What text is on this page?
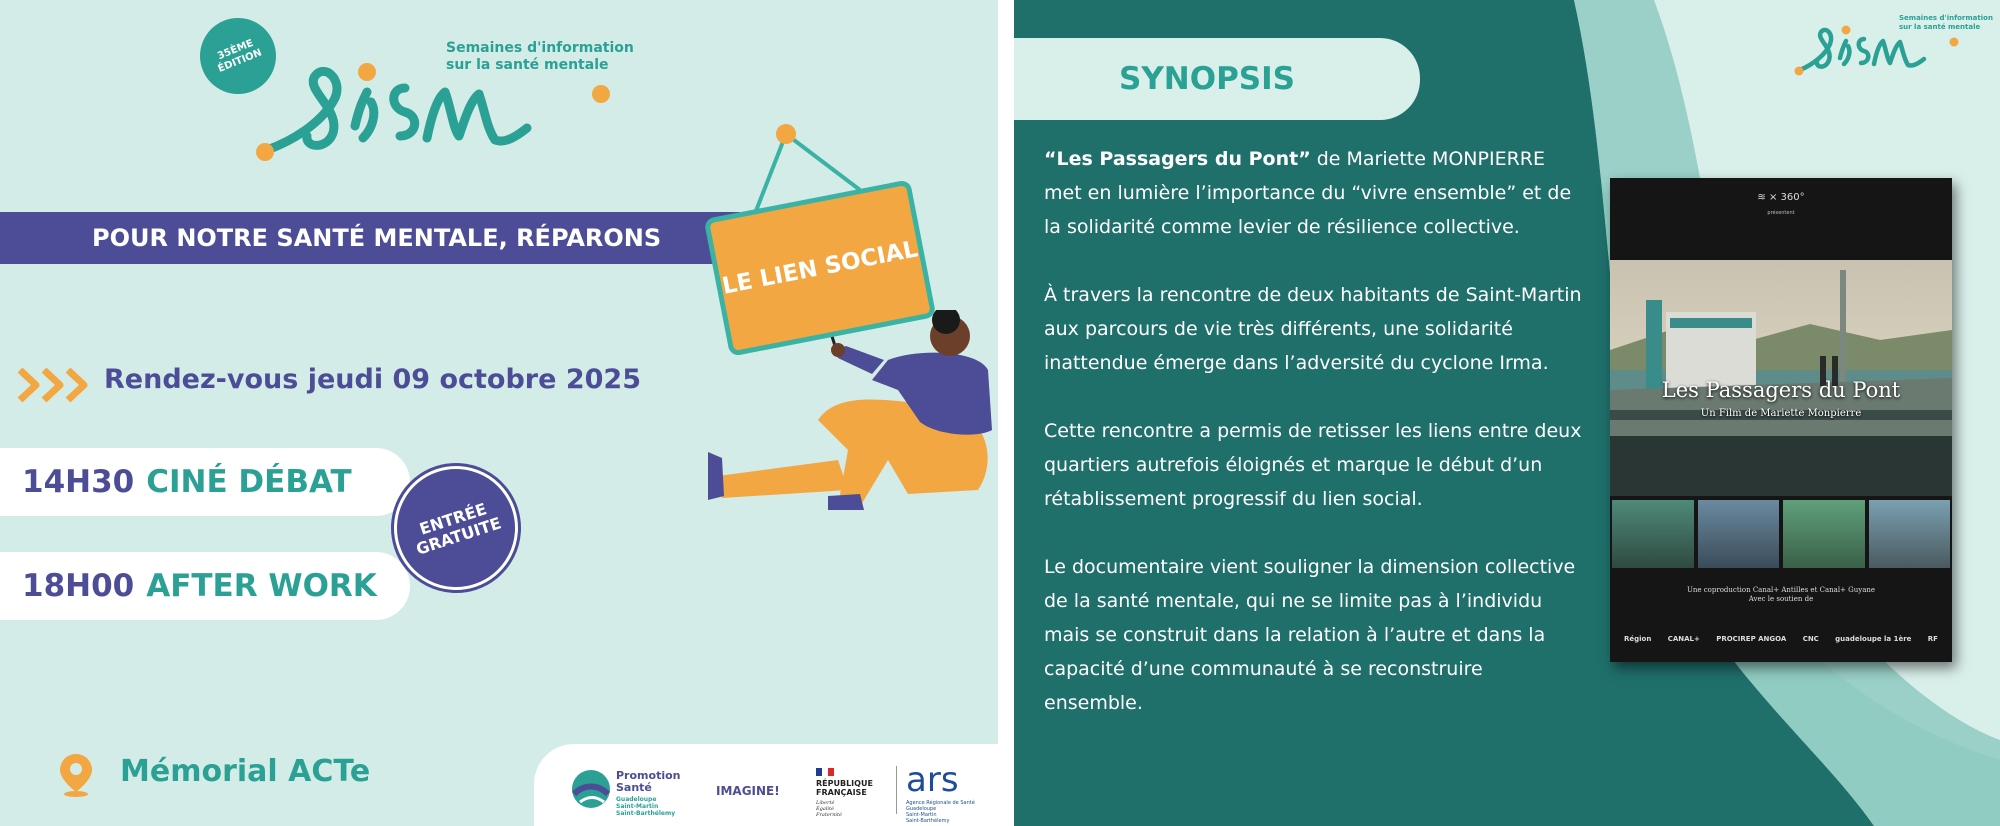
35ÈME ÉDITION	Semaines d'information sur la santé mentale
POUR NOTRE SANTÉ MENTALE, RÉPARONS	LE LIEN SOCIAL
Rendez-vous jeudi 09 octobre 2025
14H30 CINÉ DÉBAT
18H00 AFTER WORK
ENTRÉE GRATUITE
Mémorial ACTe	Promotion
Santé
Guadeloupe
Saint-Martin
Saint-Barthélemy
IMAGINE!
RÉPUBLIQUE
FRANÇAISE
Liberté
Égalité
Fraternité
ars
Agence Régionale de Santé
Guadeloupe
Saint-Martin
Saint-Barthélemy
SYNOPSIS

“Les Passagers du Pont” de Mariette MONPIERRE met en lumière l’importance du “vivre ensemble” et de la solidarité comme levier de résilience collective.

À travers la rencontre de deux habitants de Saint-Martin aux parcours de vie très différents, une solidarité inattendue émerge dans l’adversité du cyclone Irma.

Cette rencontre a permis de retisser les liens entre deux quartiers autrefois éloignés et marque le début d’un rétablissement progressif du lien social.

Le documentaire vient souligner la dimension collective de la santé mentale, qui ne se limite pas à l’individu mais se construit dans la relation à l’autre et dans la capacité d’une communauté à se reconstruire ensemble.

Semaines d'information sur la santé mentale
≋ × 360°
présentent
Les Passagers du Pont
Un Film de Mariette Monpierre
Une coproduction Canal+ Antilles et Canal+ Guyane
Avec le soutien de
Région CANAL+ PROCIREP ANGOA CNC guadeloupe la 1ère RF
